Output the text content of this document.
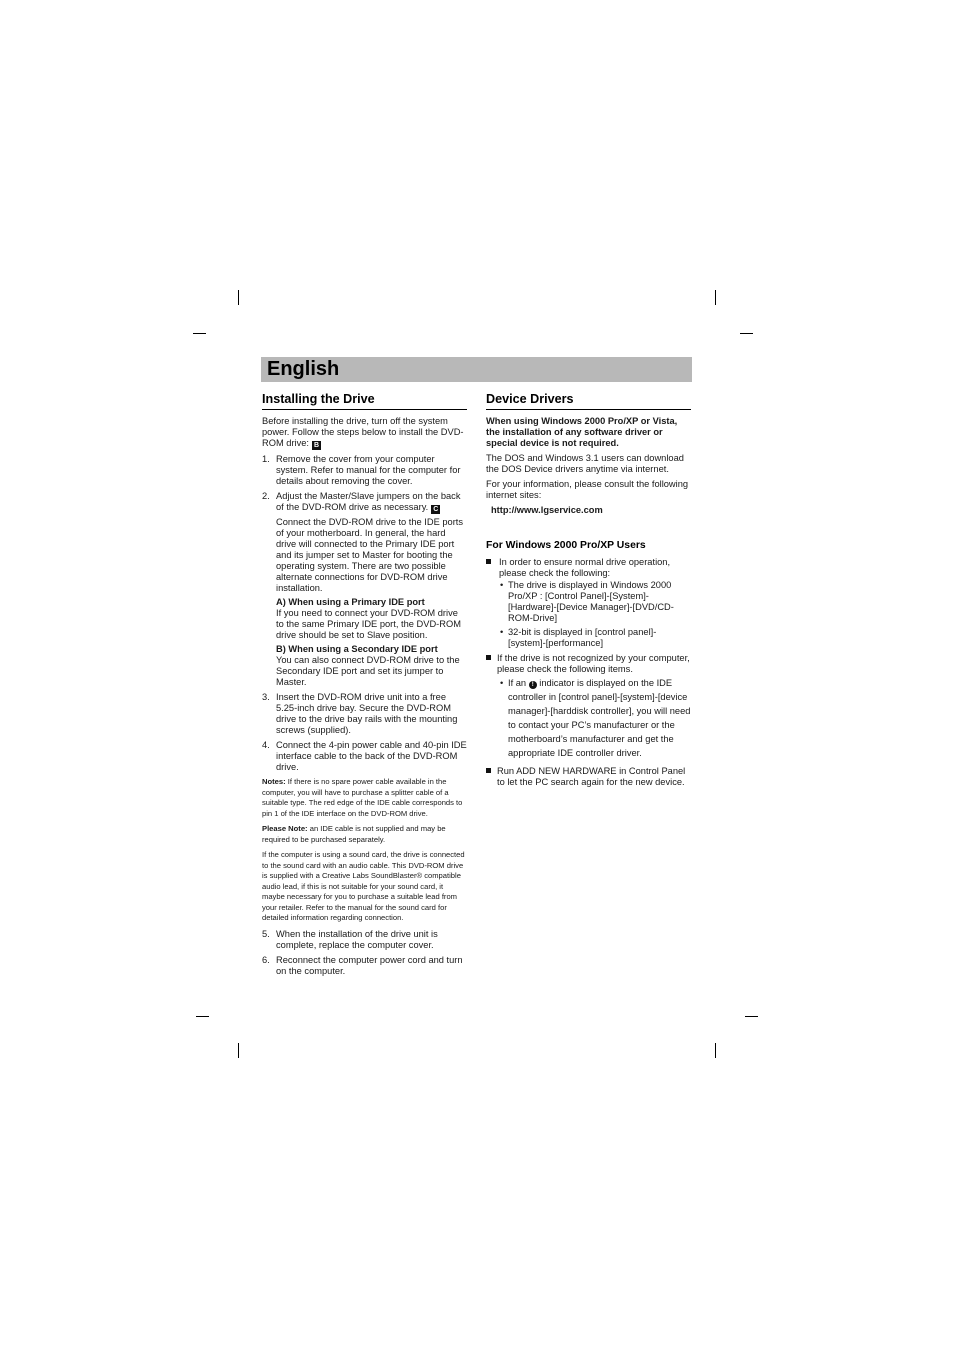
English
Installing the Drive

Before installing the drive, turn off the system power. Follow the steps below to install the DVD-ROM drive: B

1. Remove the cover from your computer system. Refer to manual for the computer for details about removing the cover.
2. Adjust the Master/Slave jumpers on the back of the DVD-ROM drive as necessary. C
Connect the DVD-ROM drive to the IDE ports of your motherboard. In general, the hard drive will connected to the Primary IDE port and its jumper set to Master for booting the operating system. There are two possible alternate connections for DVD-ROM drive installation.
A) When using a Primary IDE port
If you need to connect your DVD-ROM drive to the same Primary IDE port, the DVD-ROM drive should be set to Slave position.
B) When using a Secondary IDE port
You can also connect DVD-ROM drive to the Secondary IDE port and set its jumper to Master.
3. Insert the DVD-ROM drive unit into a free 5.25-inch drive bay. Secure the DVD-ROM drive to the drive bay rails with the mounting screws (supplied).
4. Connect the 4-pin power cable and 40-pin IDE interface cable to the back of the DVD-ROM drive.

Notes: If there is no spare power cable available in the computer, you will have to purchase a splitter cable of a suitable type. The red edge of the IDE cable corresponds to pin 1 of the IDE interface on the DVD-ROM drive.

Please Note: an IDE cable is not supplied and may be required to be purchased separately.

If the computer is using a sound card, the drive is connected to the sound card with an audio cable. This DVD-ROM drive is supplied with a Creative Labs SoundBlaster® compatible audio lead, if this is not suitable for your sound card, it maybe necessary for you to purchase a suitable lead from your retailer. Refer to the manual for the sound card for detailed information regarding connection.

5. When the installation of the drive unit is complete, replace the computer cover.
6. Reconnect the computer power cord and turn on the computer.
Device Drivers

When using Windows 2000 Pro/XP or Vista, the installation of any software driver or special device is not required.

The DOS and Windows 3.1 users can download the DOS Device drivers anytime via internet.

For your information, please consult the following internet sites:

http://www.lgservice.com

For Windows 2000 Pro/XP Users
In order to ensure normal drive operation, please check the following:
• The drive is displayed in Windows 2000 Pro/XP : [Control Panel]-[System]-[Hardware]-[Device Manager]-[DVD/CD-ROM-Drive]
• 32-bit is displayed in [control panel]-[system]-[performance]
If the drive is not recognized by your computer, please check the following items.
• If an ! indicator is displayed on the IDE controller in [control panel]-[system]-[device manager]-[harddisk controller], you will need to contact your PC’s manufacturer or the motherboard’s manufacturer and get the appropriate IDE controller driver.
Run ADD NEW HARDWARE in Control Panel to let the PC search again for the new device.
